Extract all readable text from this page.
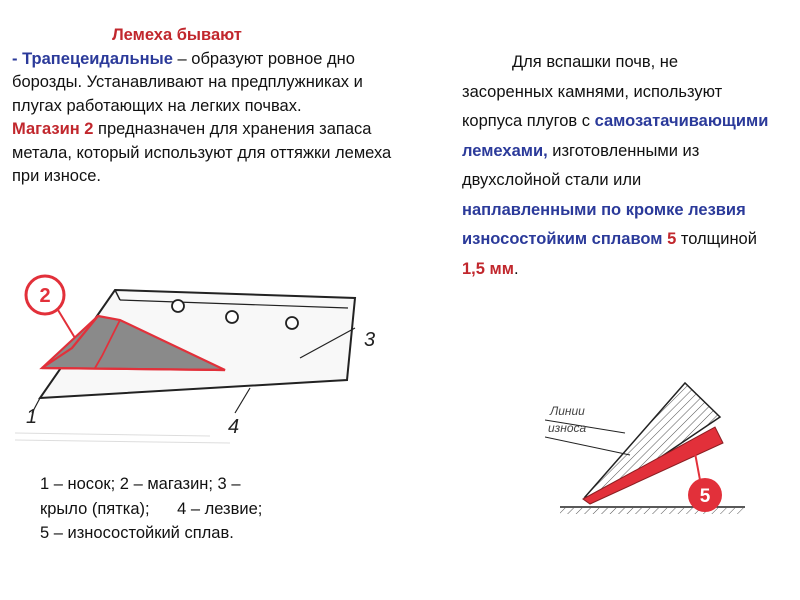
Лемеха бывают
- Трапецеидальные – образуют ровное дно борозды. Устанавливают на предплужниках и плугах работающих на легких почвах.
Магазин 2 предназначен для хранения запаса метала, который используют для оттяжки лемеха при износе.
Для вспашки почв, не засоренных камнями, используют корпуса плугов с самозатачивающими лемехами, изготовленными из двухслойной стали или наплавленными по кромке лезвия износостойким сплавом 5 толщиной 1,5 мм.
2
1
3
4
1 – носок; 2 – магазин; 3 –
крыло (пятка);      4 – лезвие;
5 – износостойкий сплав.
Линии
износа
5
